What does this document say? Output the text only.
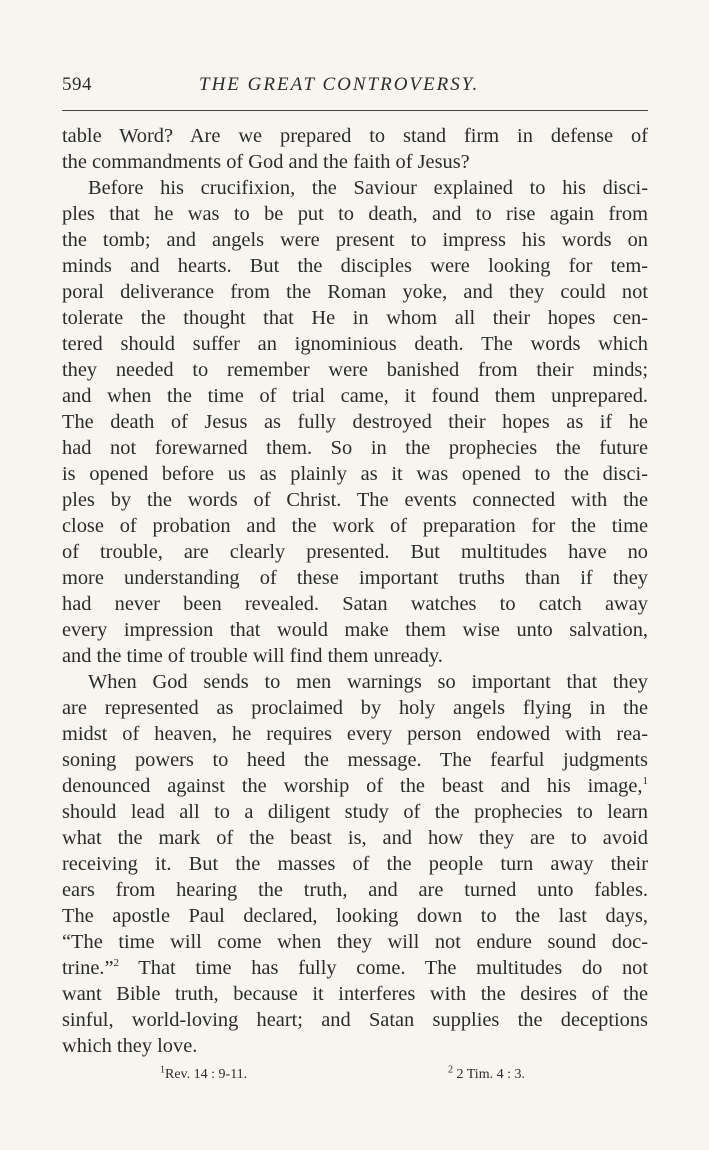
594	THE GREAT CONTROVERSY.
table Word? Are we prepared to stand firm in defense of
the commandments of God and the faith of Jesus?
Before his crucifixion, the Saviour explained to his disci-
ples that he was to be put to death, and to rise again from
the tomb; and angels were present to impress his words on
minds and hearts. But the disciples were looking for tem-
poral deliverance from the Roman yoke, and they could not
tolerate the thought that He in whom all their hopes cen-
tered should suffer an ignominious death. The words which
they needed to remember were banished from their minds;
and when the time of trial came, it found them unprepared.
The death of Jesus as fully destroyed their hopes as if he
had not forewarned them. So in the prophecies the future
is opened before us as plainly as it was opened to the disci-
ples by the words of Christ. The events connected with the
close of probation and the work of preparation for the time
of trouble, are clearly presented. But multitudes have no
more understanding of these important truths than if they
had never been revealed. Satan watches to catch away
every impression that would make them wise unto salvation,
and the time of trouble will find them unready.
When God sends to men warnings so important that they
are represented as proclaimed by holy angels flying in the
midst of heaven, he requires every person endowed with rea-
soning powers to heed the message. The fearful judgments
denounced against the worship of the beast and his image,$^1$
should lead all to a diligent study of the prophecies to learn
what the mark of the beast is, and how they are to avoid
receiving it. But the masses of the people turn away their
ears from hearing the truth, and are turned unto fables.
The apostle Paul declared, looking down to the last days,
“The time will come when they will not endure sound doc-
trine.”$^2$ That time has fully come. The multitudes do not
want Bible truth, because it interferes with the desires of the
sinful, world-loving heart; and Satan supplies the deceptions
which they love.
$^1$Rev. 14 : 9-11.	$^2$ 2 Tim. 4 : 3.
